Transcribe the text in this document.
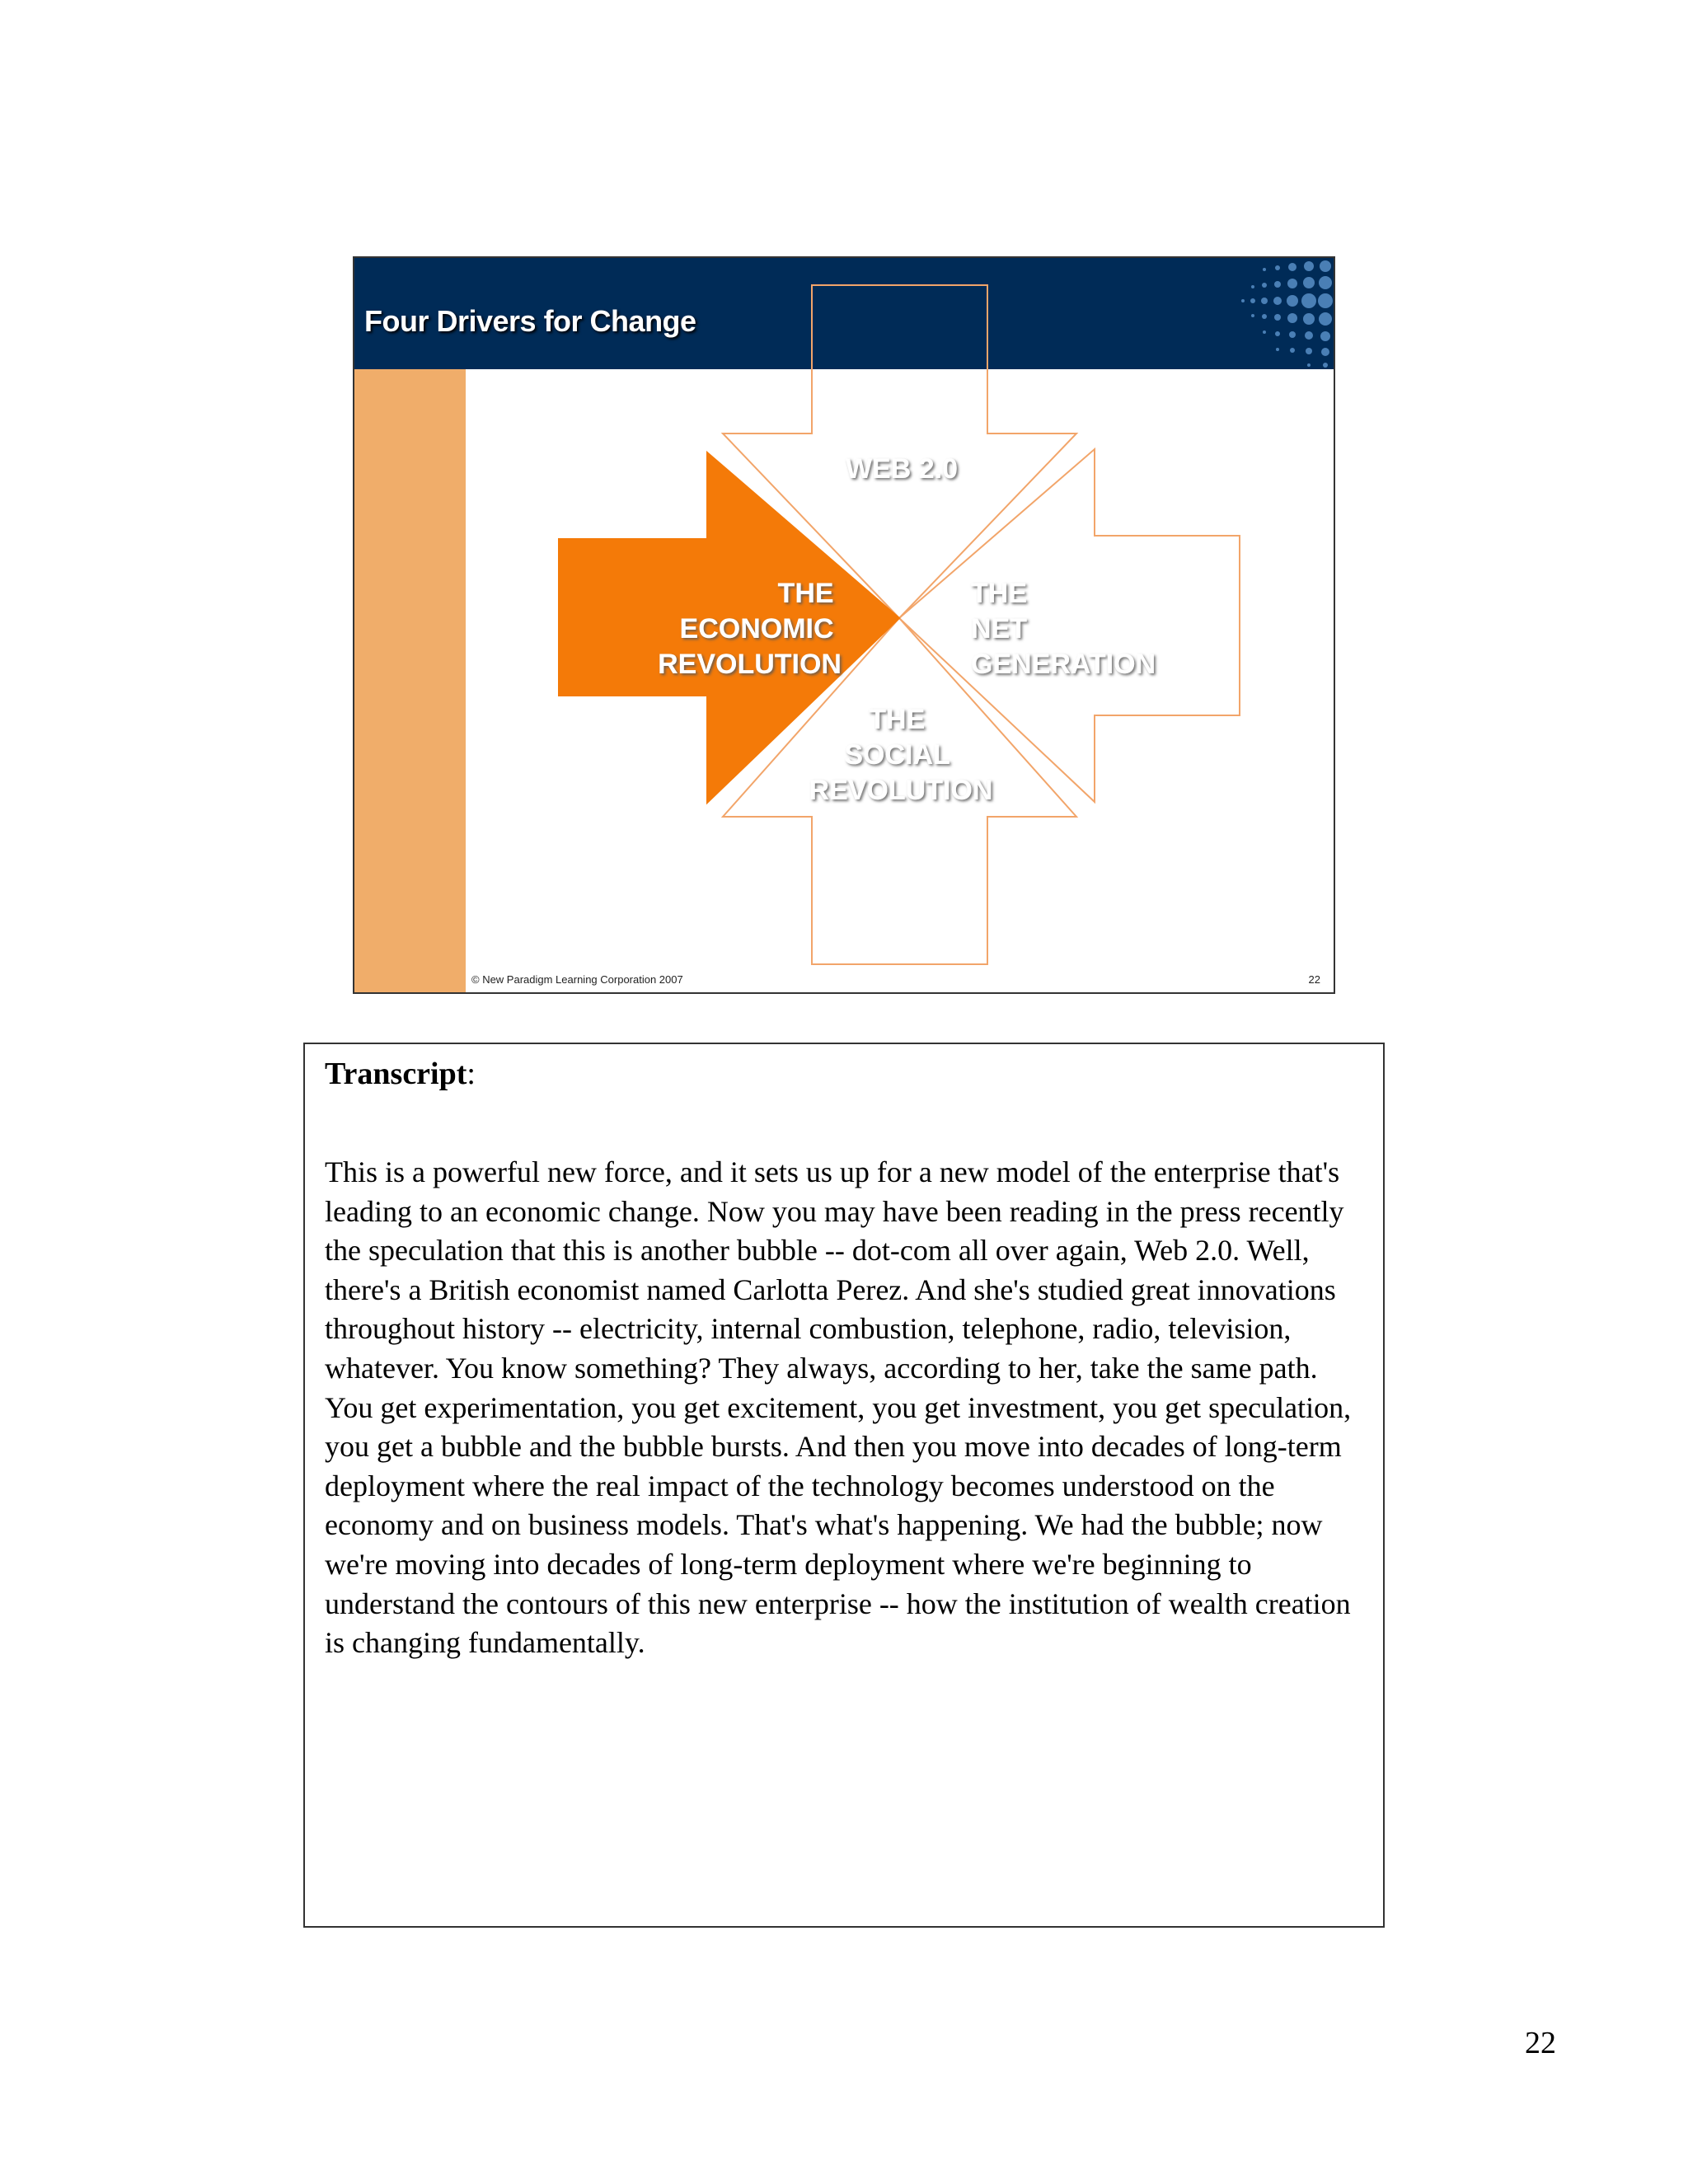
Four Drivers for Change
WEB 2.0
THE ECONOMIC REVOLUTION
THE NET GENERATION
THE SOCIAL REVOLUTION
© New Paradigm Learning Corporation 2007	22
Transcript:

This is a powerful new force, and it sets us up for a new model of the enterprise that's leading to an economic change. Now you may have been reading in the press recently the speculation that this is another bubble -- dot-com all over again, Web 2.0. Well, there's a British economist named Carlotta Perez. And she's studied great innovations throughout history -- electricity, internal combustion, telephone, radio, television, whatever. You know something? They always, according to her, take the same path. You get experimentation, you get excitement, you get investment, you get speculation, you get a bubble and the bubble bursts. And then you move into decades of long-term deployment where the real impact of the technology becomes understood on the economy and on business models. That's what's happening. We had the bubble; now we're moving into decades of long-term deployment where we're beginning to understand the contours of this new enterprise -- how the institution of wealth creation is changing fundamentally.

22
